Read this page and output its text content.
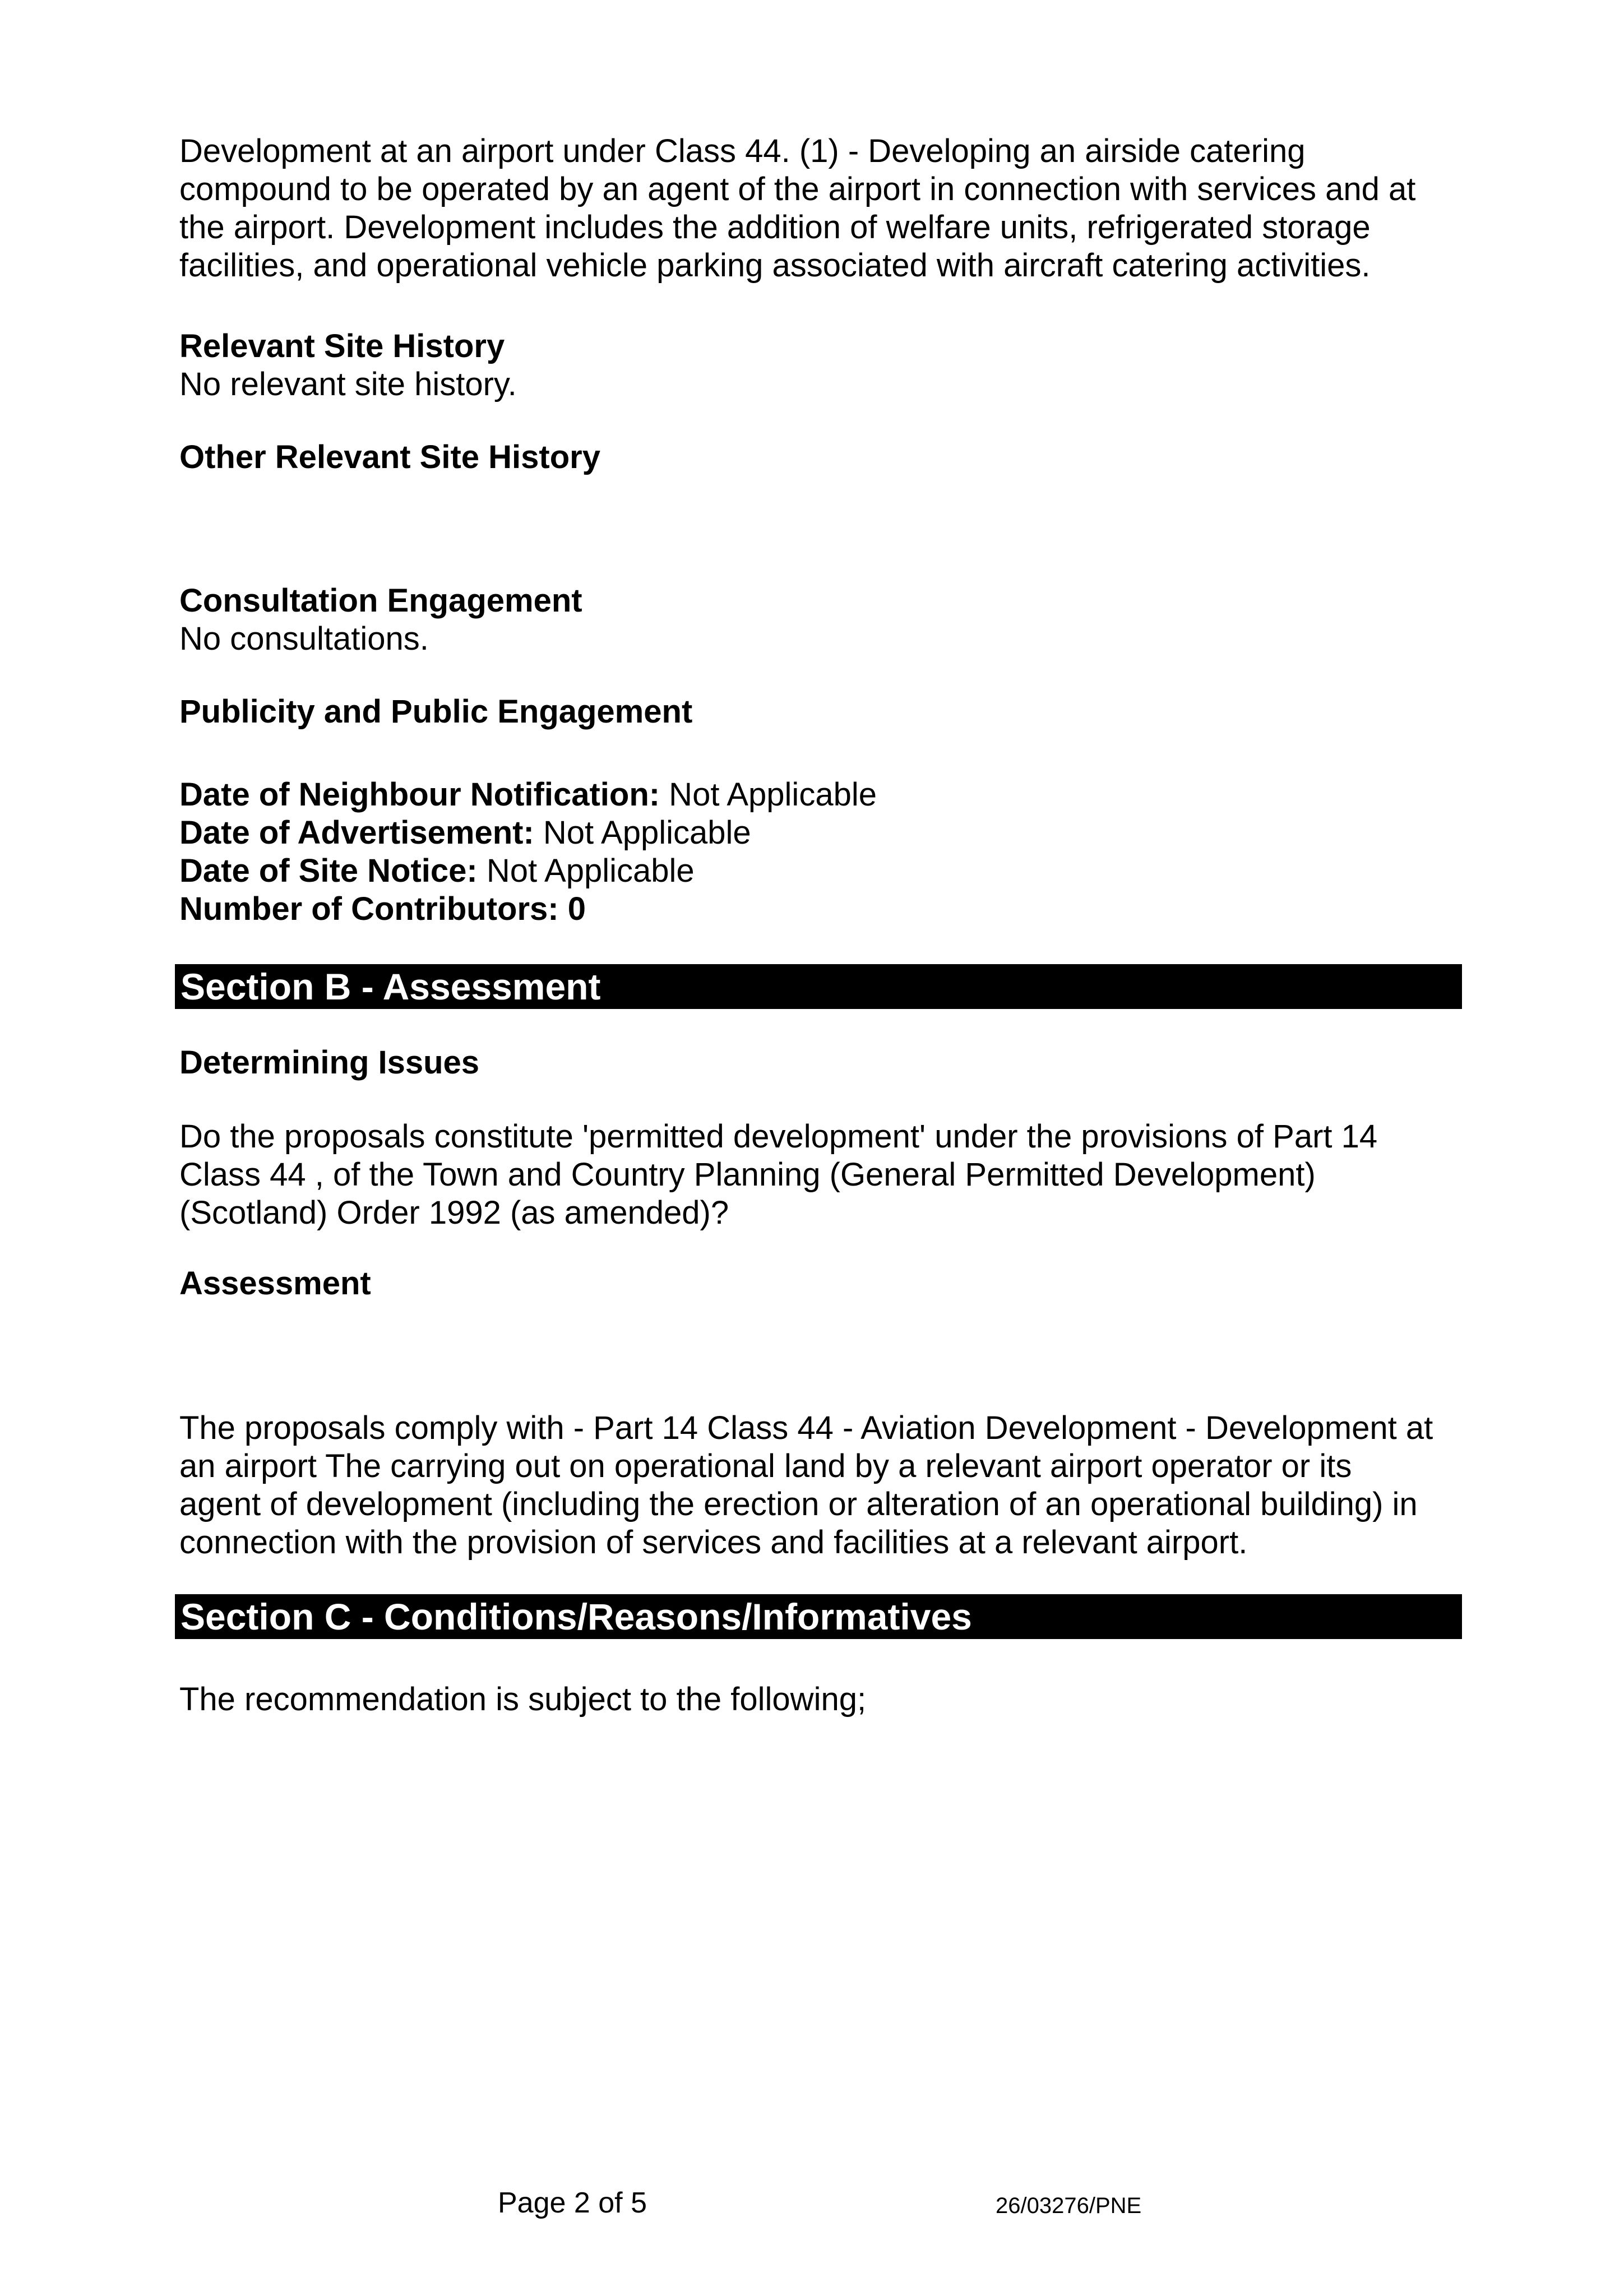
Development at an airport under Class 44. (1) - Developing an airside catering
compound to be operated by an agent of the airport in connection with services and at
the airport. Development includes the addition of welfare units, refrigerated storage
facilities, and operational vehicle parking associated with aircraft catering activities.
Relevant Site History
No relevant site history.
Other Relevant Site History
Consultation Engagement
No consultations.
Publicity and Public Engagement
Date of Neighbour Notification: Not Applicable
Date of Advertisement: Not Applicable
Date of Site Notice: Not Applicable
Number of Contributors: 0
Section B - Assessment
Determining Issues
Do the proposals constitute 'permitted development' under the provisions of Part 14
Class 44 , of the Town and Country Planning (General Permitted Development)
(Scotland) Order 1992 (as amended)?
Assessment
The proposals comply with - Part 14 Class 44 - Aviation Development - Development at
an airport The carrying out on operational land by a relevant airport operator or its
agent of development (including the erection or alteration of an operational building) in
connection with the provision of services and facilities at a relevant airport.
Section C - Conditions/Reasons/Informatives
The recommendation is subject to the following;
Page 2 of 5	26/03276/PNE
